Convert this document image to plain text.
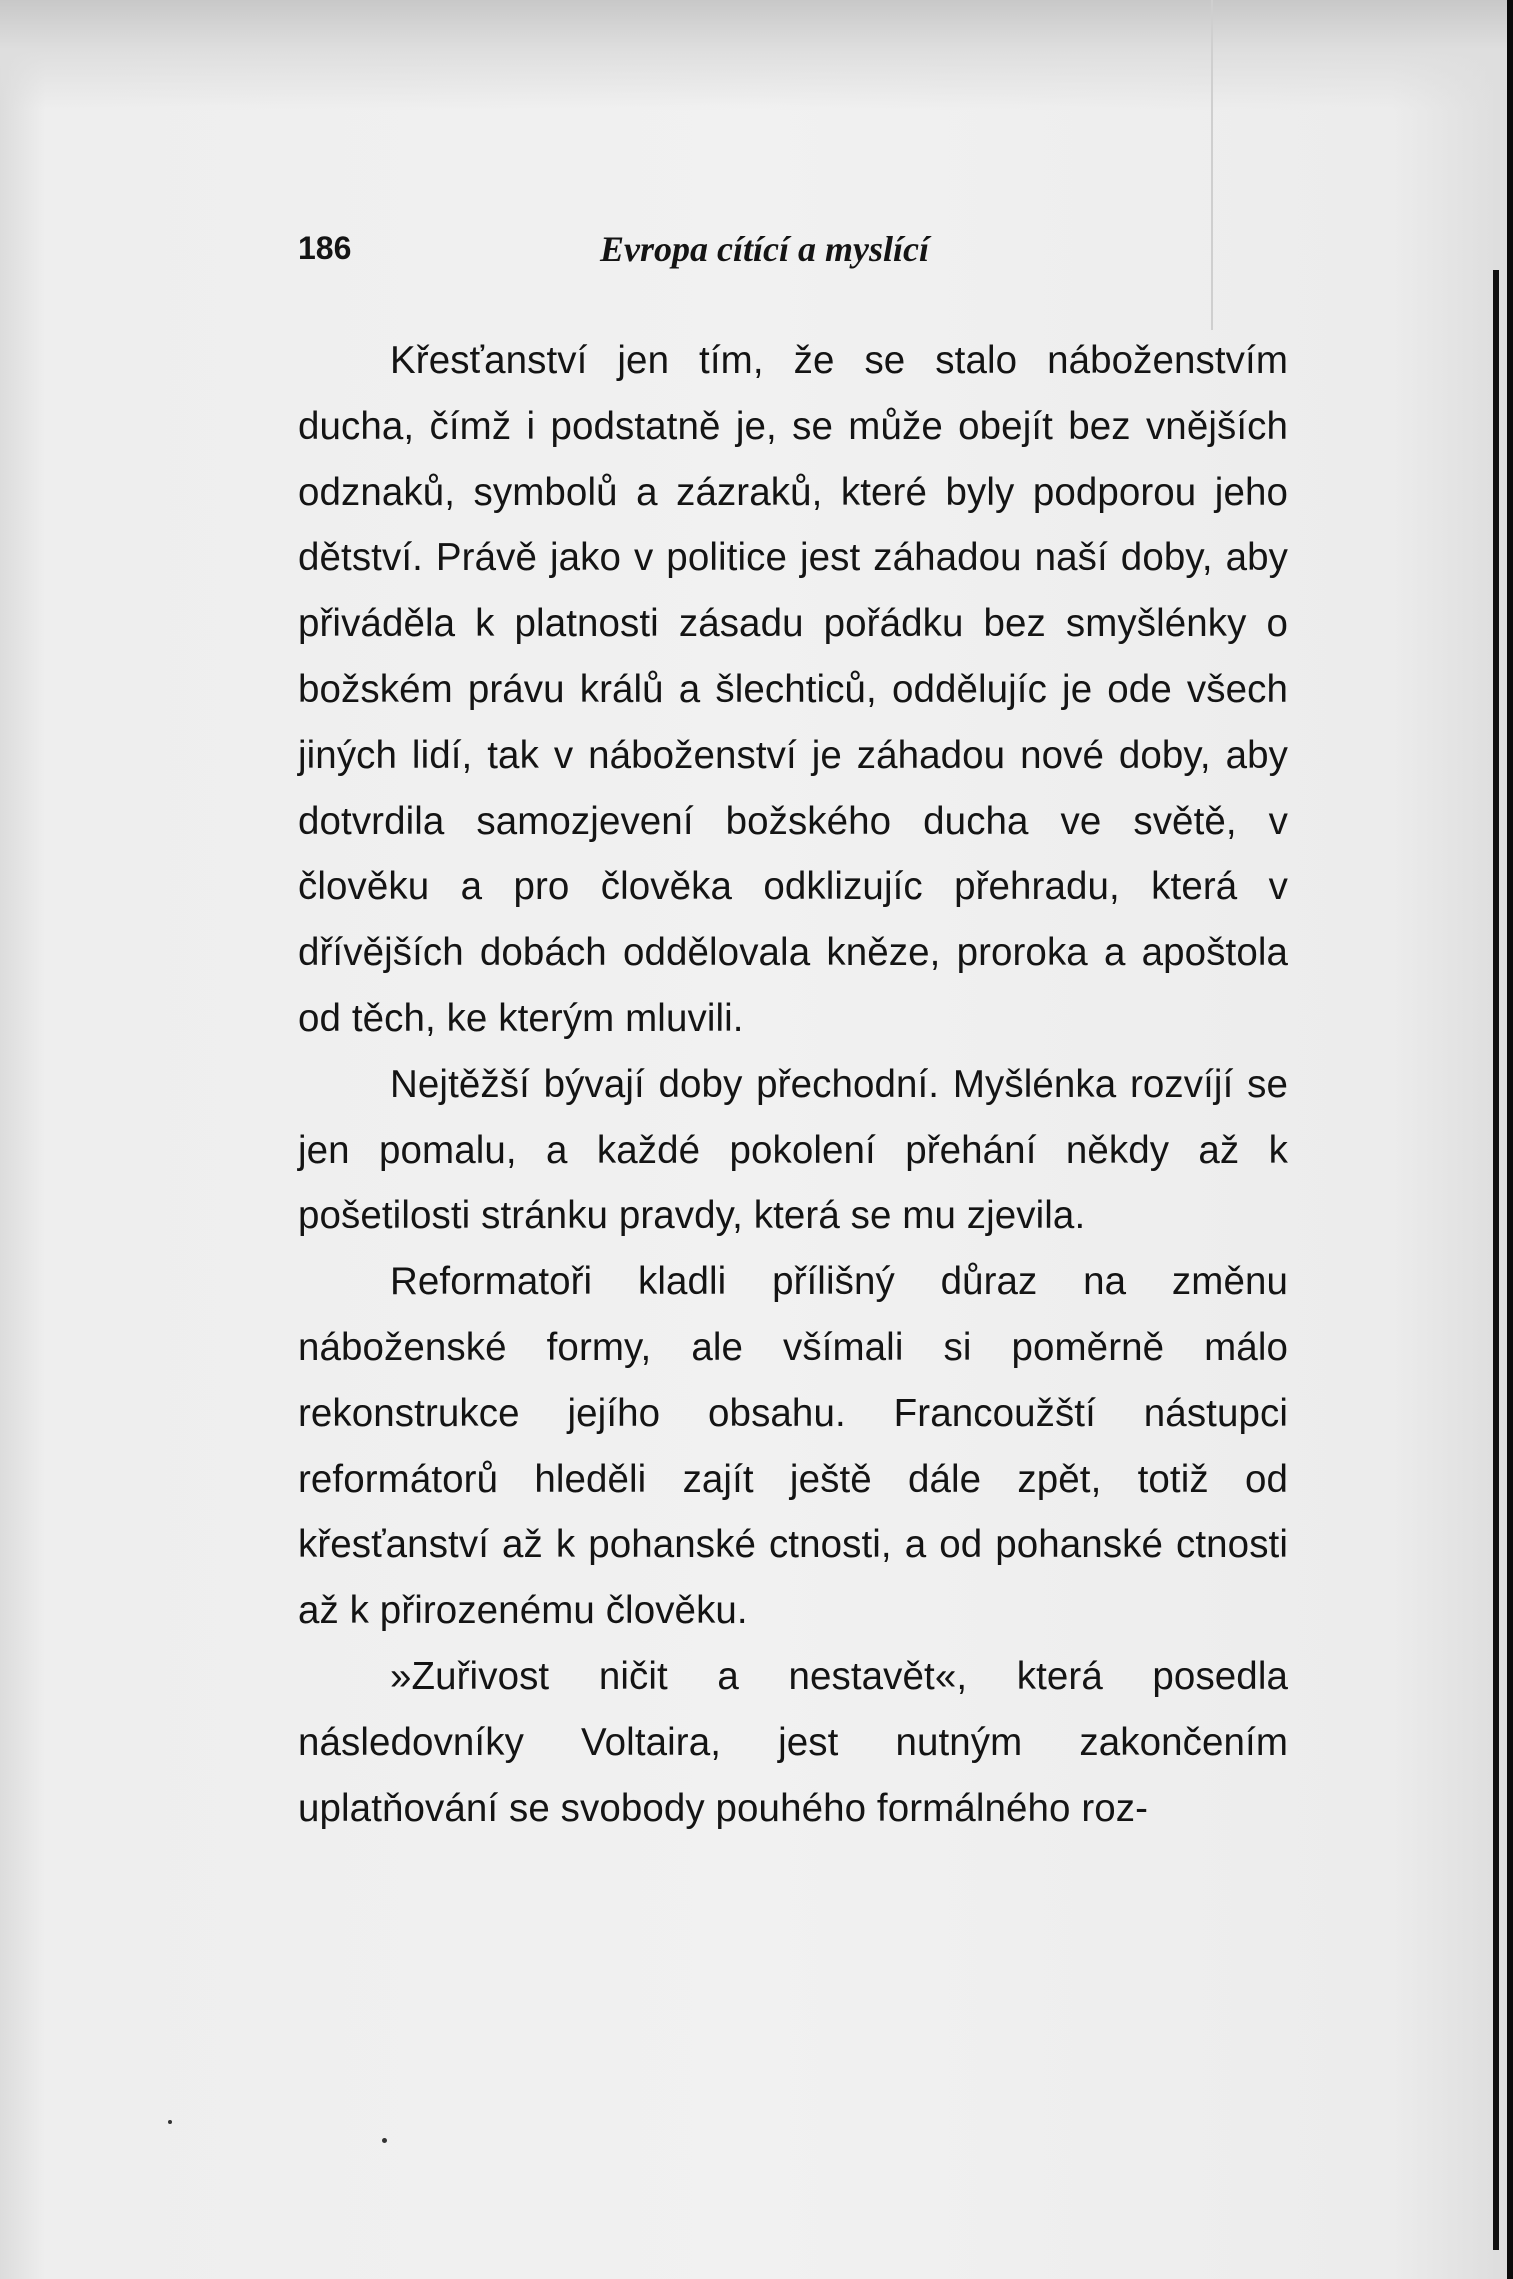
186	Evropa cítící a myslící

Křesťanství jen tím, že se stalo náboženstvím ducha, čímž i podstatně je, se může obejít bez vnějších odznaků, symbolů a zázraků, které byly podporou jeho dětství. Právě jako v politice jest záhadou naší doby, aby přiváděla k platnosti zásadu pořádku bez smyšlénky o božském právu králů a šlechticů, oddělujíc je ode všech jiných lidí, tak v náboženství je záhadou nové doby, aby dotvrdila samozjevení božského ducha ve světě, v člověku a pro člověka odklizujíc přehradu, která v dřívějších dobách oddělovala kněze, proroka a apoštola od těch, ke kterým mluvili.

Nejtěžší bývají doby přechodní. Myšlénka rozvíjí se jen pomalu, a každé pokolení přehání někdy až k pošetilosti stránku pravdy, která se mu zjevila.

Reformatoři kladli přílišný důraz na změnu náboženské formy, ale všímali si poměrně málo rekonstrukce jejího obsahu. Francoužští nástupci reformátorů hleděli zajít ještě dále zpět, totiž od křesťanství až k pohanské ctnosti, a od pohanské ctnosti až k přirozenému člověku.

»Zuřivost ničit a nestavět«, která posedla následovníky Voltaira, jest nutným zakončením uplatňování se svobody pouhého formálného roz-
